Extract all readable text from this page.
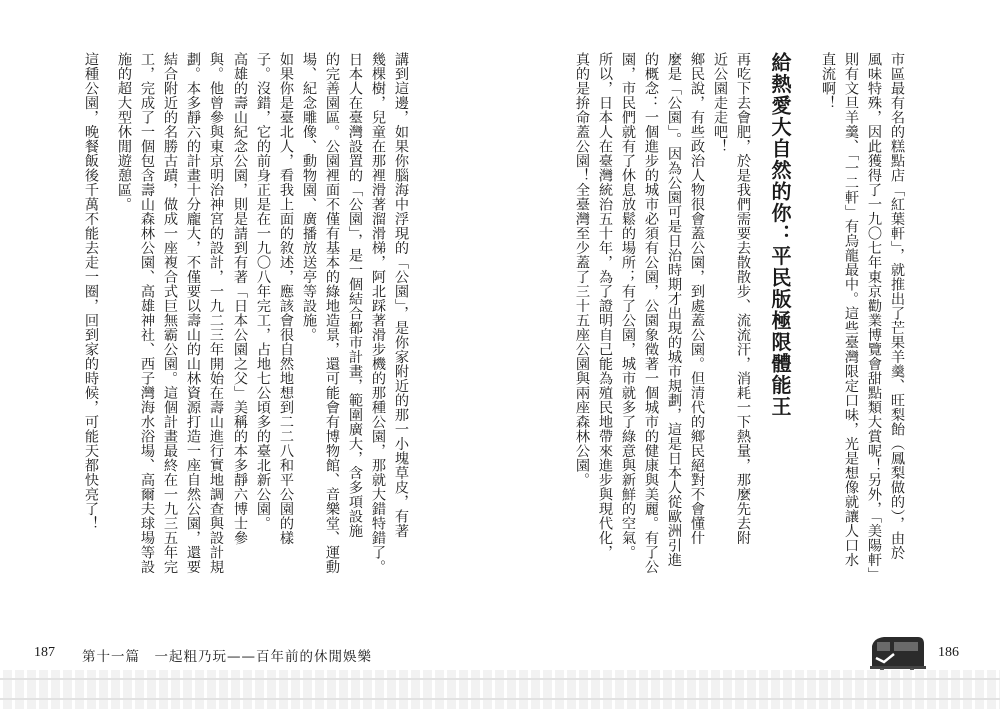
這種公園，晚餐飯後千萬不能去走一圈，回到家的時候，可能天都快亮了！ 施的超大型休閒遊憩區。 工，完成了一個包含壽山森林公園、高雄神社、西子灣海水浴場、高爾夫球場等設 結合附近的名勝古蹟，做成一座複合式巨無霸公園。這個計畫最終在一九三五年完 劃。本多靜六的計畫十分龐大，不僅要以壽山的山林資源打造一座自然公園，還要 與。他曾參與東京明治神宮的設計，一九二三年開始在壽山進行實地調查與設計規 高雄的壽山紀念公園，則是請到有著「日本公園之父」美稱的本多靜六博士參 子。沒錯，它的前身正是在一九〇八年完工，占地七公頃多的臺北新公園。 如果你是臺北人，看我上面的敘述，應該會很自然地想到二二八和平公園的樣 場、紀念雕像、動物園、廣播放送亭等設施。 的完善園區。公園裡面不僅有基本的綠地造景，還可能會有博物館、音樂堂、運動 日本人在臺灣設置的「公園」，是一個結合都市計畫，範圍廣大，含多項設施 幾棵樹，兒童在那裡滑著溜滑梯，阿北踩著滑步機的那種公園，那就大錯特錯了。 講到這邊，如果你腦海中浮現的「公園」，是你家附近的那一小塊草皮，有著
187 第十一篇　一起粗乃玩——百年前的休閒娛樂
真的是拚命蓋公園！全臺灣至少蓋了三十五座公園與兩座森林公園。 所以，日本人在臺灣統治五十年，為了證明自己能為殖民地帶來進步與現代化， 園，市民們就有了休息放鬆的場所；有了公園，城市就多了綠意與新鮮的空氣。 的概念：一個進步的城市必須有公園，公園象徵著一個城市的健康與美麗。有了公 麼是「公園」。因為公園可是日治時期才出現的城市規劃，這是日本人從歐洲引進 鄉民說，有些政治人物很會蓋公園，到處蓋公園。但清代的鄉民絕對不會懂什 近公園走走吧！ 再吃下去會肥，於是我們需要去散散步、流流汗，消耗一下熱量，那麼先去附 給熱愛大自然的你：平民版極限體能王 直流啊！ 則有文旦羊羹、「一二軒」有烏龍最中。這些臺灣限定口味，光是想像就讓人口水 風味特殊，因此獲得了一九〇七年東京勸業博覽會甜點類大賞呢！另外，「美陽軒」 市區最有名的糕點店「紅葉軒」，就推出了芒果羊羹、旺梨飴（鳳梨做的），由於
186
